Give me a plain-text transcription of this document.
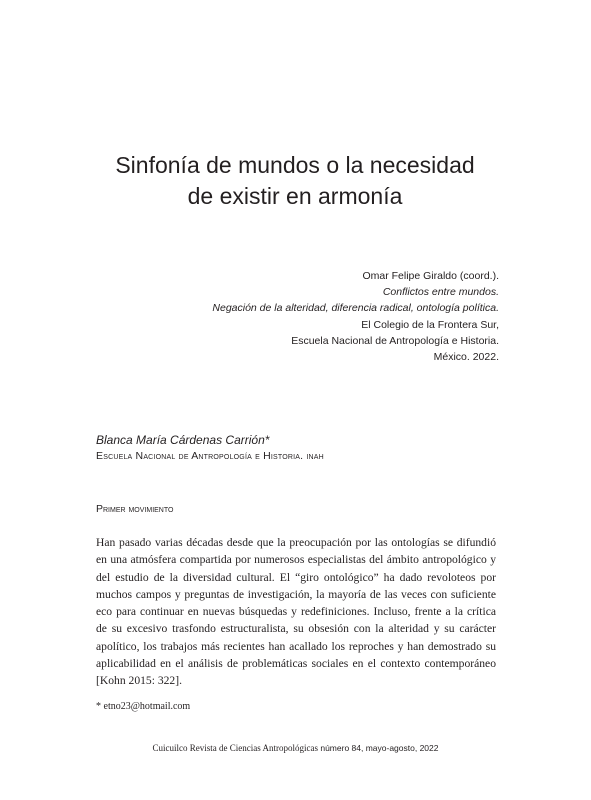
Sinfonía de mundos o la necesidad
de existir en armonía
Omar Felipe Giraldo (coord.).
Conflictos entre mundos.
Negación de la alteridad, diferencia radical, ontología política.
El Colegio de la Frontera Sur,
Escuela Nacional de Antropología e Historia.
México. 2022.
Blanca María Cárdenas Carrión*
Escuela Nacional de Antropología e Historia. inah
Primer movimiento

Han pasado varias décadas desde que la preocupación por las ontologías se difundió en una atmósfera compartida por numerosos especialistas del ámbito antropológico y del estudio de la diversidad cultural. El “giro ontológico” ha dado revoloteos por muchos campos y preguntas de investigación, la mayoría de las veces con suficiente eco para continuar en nuevas búsquedas y redefiniciones. Incluso, frente a la crítica de su excesivo trasfondo estructuralista, su obsesión con la alteridad y su carácter apolítico, los trabajos más recientes han acallado los reproches y han demostrado su aplicabilidad en el análisis de problemáticas sociales en el contexto contemporáneo [Kohn 2015: 322].

* etno23@hotmail.com
Cuicuilco Revista de Ciencias Antropológicas número 84, mayo-agosto, 2022
